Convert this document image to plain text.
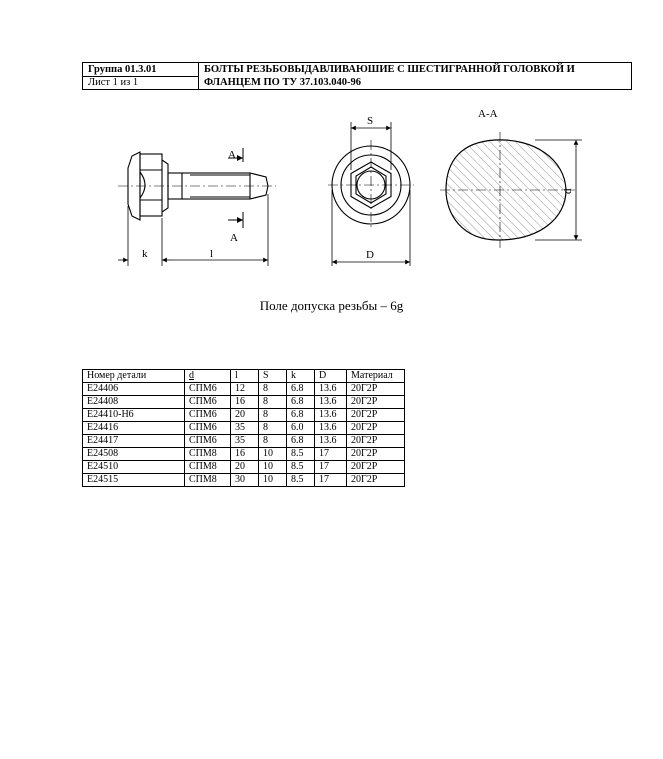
Группа 01.3.01
Лист 1 из 1
БОЛТЫ РЕЗЬБОВЫДАВЛИВАЮШИЕ С ШЕСТИГРАННОЙ ГОЛОВКОЙ И
ФЛАНЦЕМ ПО ТУ 37.103.040-96
А
А
k	l
S
D
А-А
d
Поле допуска резьбы – 6g
Номер детали	d	l	S	k	D	Материал
Е24406	СПМ6	12	8	6.8	13.6	20Г2Р
Е24408	СПМ6	16	8	6.8	13.6	20Г2Р
Е24410-Н6	СПМ6	20	8	6.8	13.6	20Г2Р
Е24416	СПМ6	35	8	6.0	13.6	20Г2Р
Е24417	СПМ6	35	8	6.8	13.6	20Г2Р
Е24508	СПМ8	16	10	8.5	17	20Г2Р
Е24510	СПМ8	20	10	8.5	17	20Г2Р
Е24515	СПМ8	30	10	8.5	17	20Г2Р
